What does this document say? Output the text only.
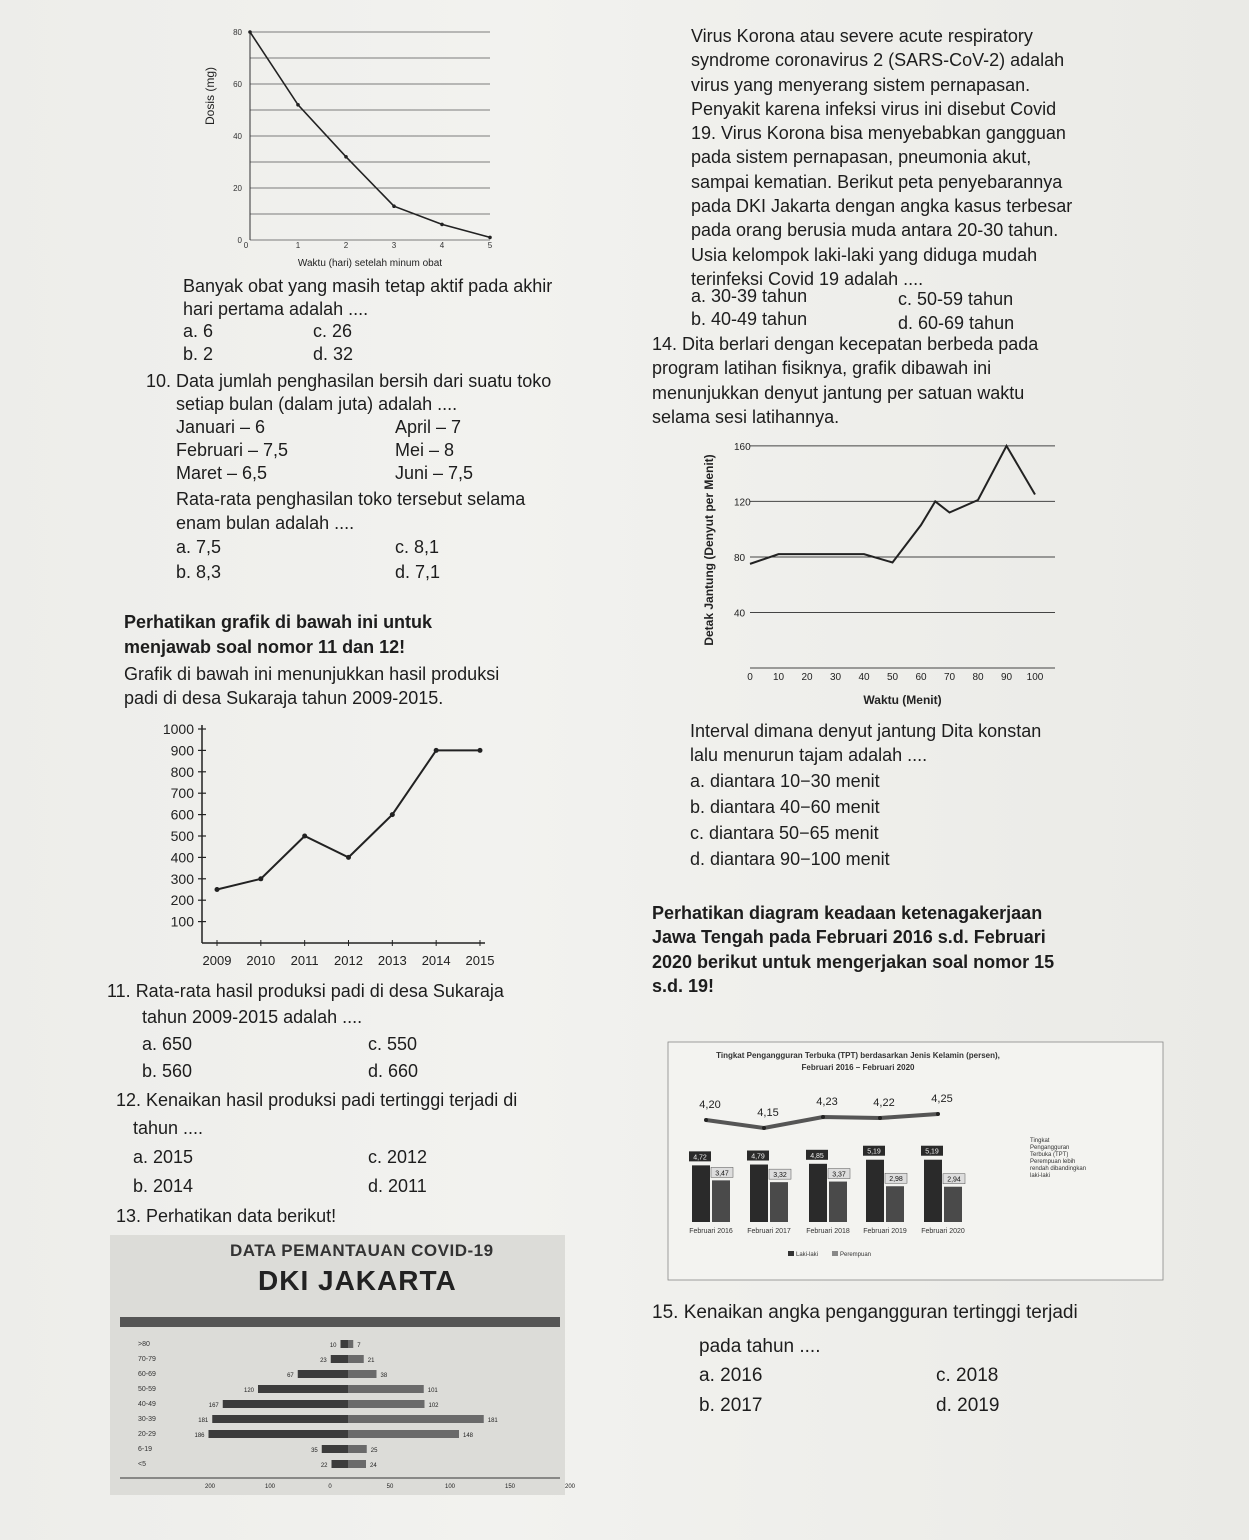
80
60
40
20
0
1	2	3	4	5
0
Waktu (hari) setelah minum obat
Dosis (mg)
Banyak obat yang masih tetap aktif pada akhir
hari pertama adalah ....
a. 6	c. 26
b. 2	d. 32
10. Data jumlah penghasilan bersih dari suatu toko
setiap bulan (dalam juta) adalah ....
Januari – 6	April – 7
Februari – 7,5	Mei – 8
Maret – 6,5	Juni – 7,5
Rata-rata penghasilan toko tersebut selama
enam bulan adalah ....
a. 7,5	c. 8,1
b. 8,3	d. 7,1
Perhatikan grafik di bawah ini untuk
menjawab soal nomor 11 dan 12!
Grafik di bawah ini menunjukkan hasil produksi
padi di desa Sukaraja tahun 2009-2015.
1000
900
800
700
600
500
400
300
200
100
2009 2010 2011 2012 2013 2014 2015
11. Rata-rata hasil produksi padi di desa Sukaraja
tahun 2009-2015 adalah ....
a. 650	c. 550
b. 560	d. 660
12. Kenaikan hasil produksi padi tertinggi terjadi di
tahun ....
a. 2015	c. 2012
b. 2014	d. 2011
13. Perhatikan data berikut!
DATA PEMANTAUAN COVID-19
DKI JAKARTA
>80	10	7
70-79	23	21
60-69	67	38
50-59	120	101
40-49	167	102
30-39	181	181
20-29	186	148
6-19	35	25
<5	22	24
200	100	0	50	100	150	200
Virus Korona atau severe acute respiratory
syndrome coronavirus 2 (SARS-CoV-2) adalah
virus yang menyerang sistem pernapasan.
Penyakit karena infeksi virus ini disebut Covid
19. Virus Korona bisa menyebabkan gangguan
pada sistem pernapasan, pneumonia akut,
sampai kematian. Berikut peta penyebarannya
pada DKI Jakarta dengan angka kasus terbesar
pada orang berusia muda antara 20-30 tahun.
Usia kelompok laki-laki yang diduga mudah
terinfeksi Covid 19 adalah ....
a. 30-39 tahun	c. 50-59 tahun
b. 40-49 tahun	d. 60-69 tahun
14. Dita berlari dengan kecepatan berbeda pada
program latihan fisiknya, grafik dibawah ini
menunjukkan denyut jantung per satuan waktu
selama sesi latihannya.
160
120
80
40
0 10 20 30 40 50 60 70 80 90 100
Waktu (Menit)
Detak Jantung (Denyut per Menit)
Interval dimana denyut jantung Dita konstan
lalu menurun tajam adalah ....
a. diantara 10−30 menit
b. diantara 40−60 menit
c. diantara 50−65 menit
d. diantara 90−100 menit
Perhatikan diagram keadaan ketenagakerjaan
Jawa Tengah pada Februari 2016 s.d. Februari
2020 berikut untuk mengerjakan soal nomor 15
s.d. 19!
Tingkat Pengangguran Terbuka (TPT) berdasarkan Jenis Kelamin (persen),
Februari 2016 – Februari 2020
4,72
3,47
Februari 2016
4,79
3,32
Februari 2017
4,85
3,37
Februari 2018
5,19
2,98
Februari 2019
5,19
2,94
Februari 2020
4,20
4,15
4,23	4,22	4,25
Tingkat
Pengangguran
Terbuka (TPT)
Perempuan lebih
rendah dibandingkan
laki-laki
Laki-laki	Perempuan
15. Kenaikan angka pengangguran tertinggi terjadi
pada tahun ....
a. 2016	c. 2018
b. 2017	d. 2019
